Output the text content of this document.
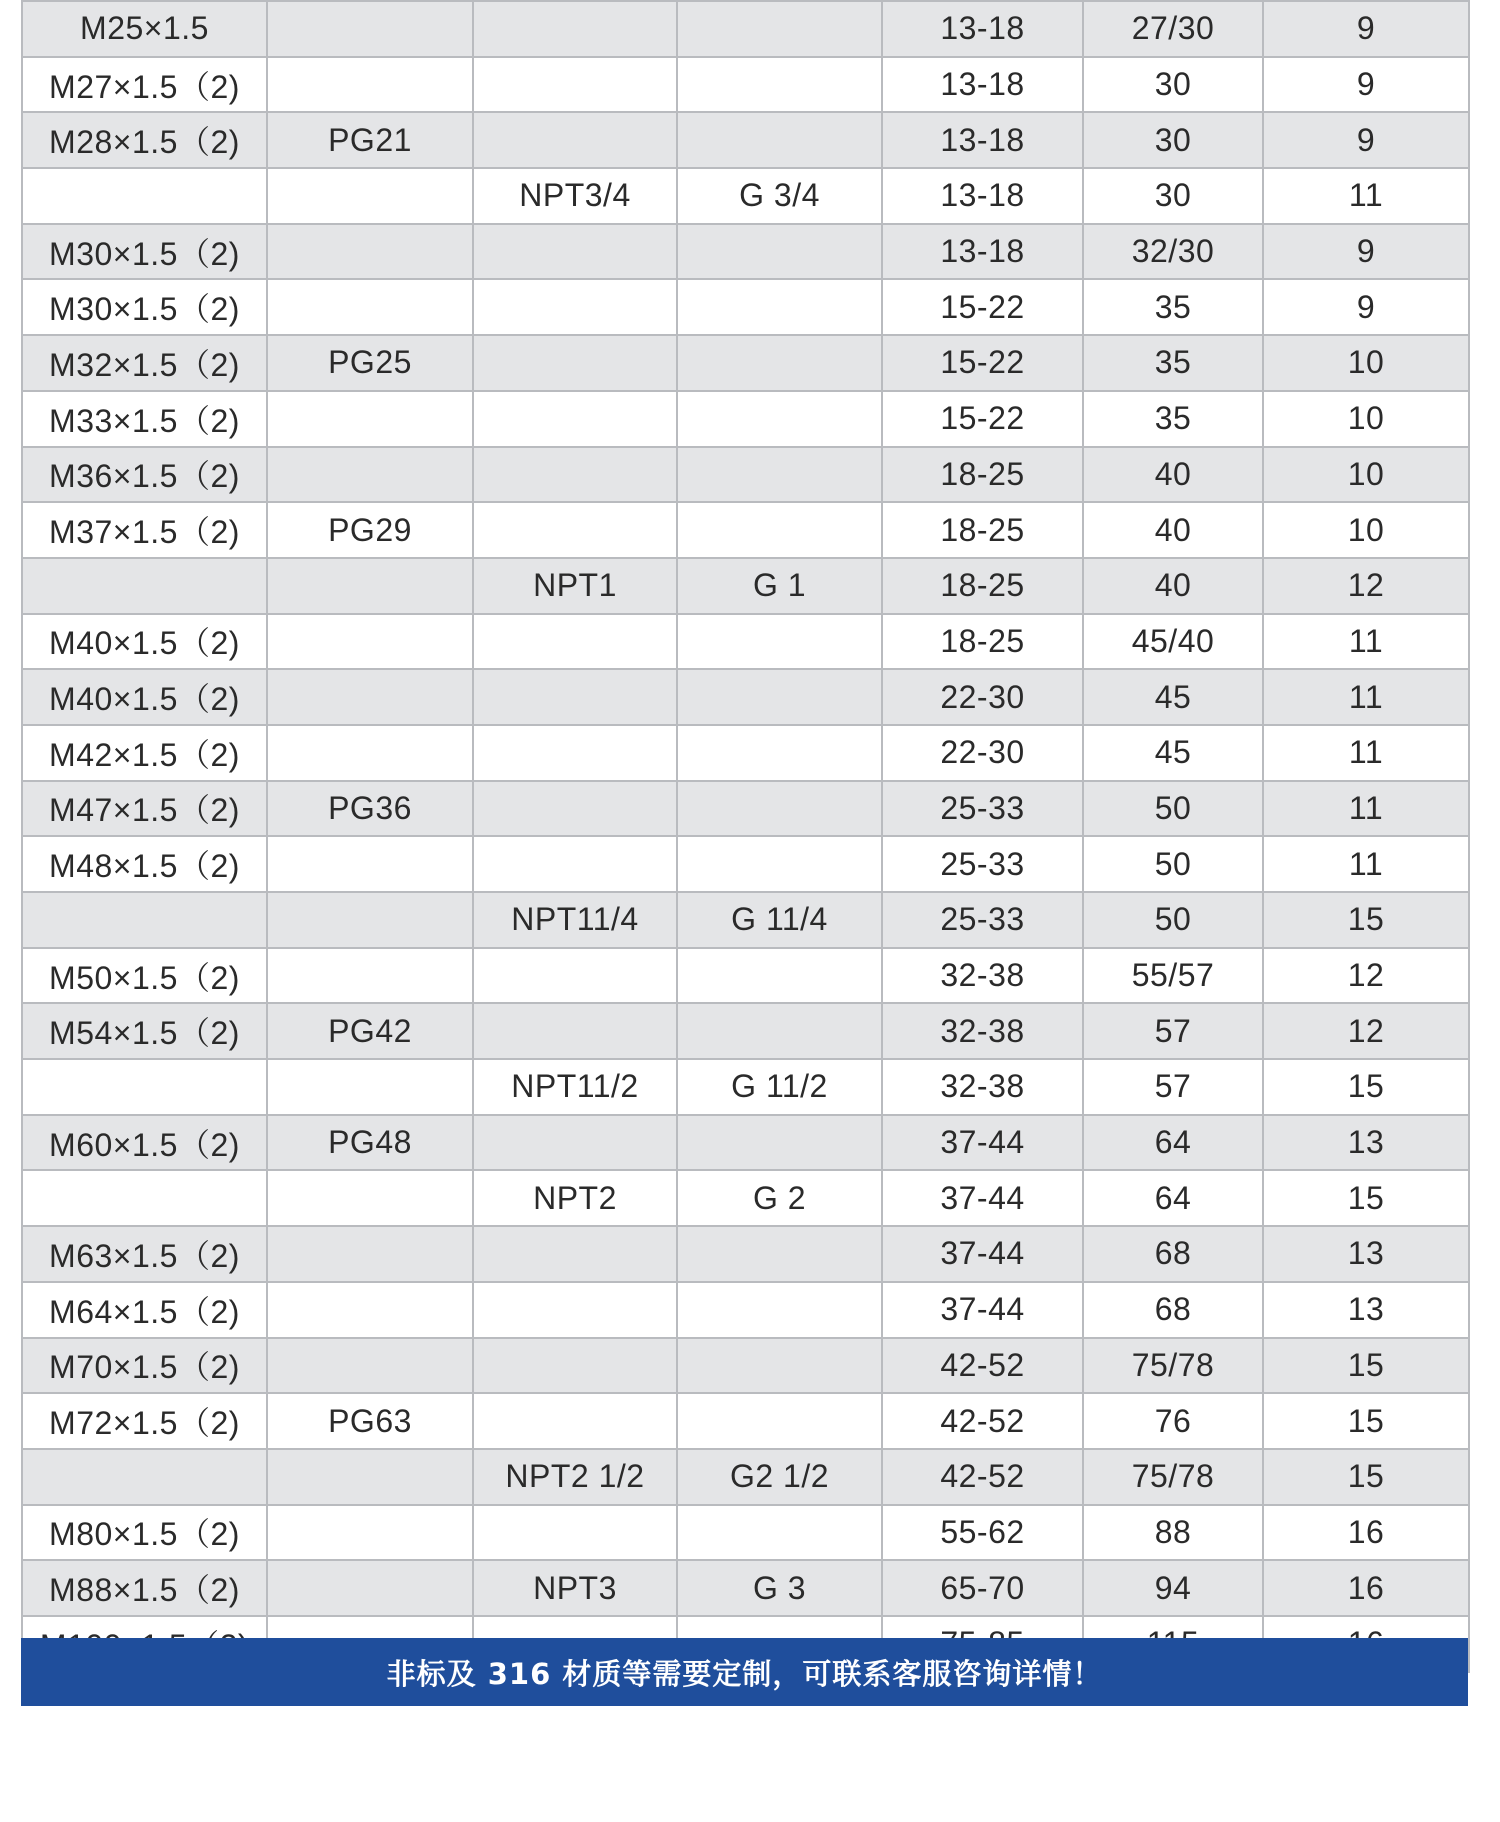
M25×1.5				13-18	27/30	9
M27×1.5（2)				13-18	30	9
M28×1.5（2)	PG21			13-18	30	9
		NPT3/4	G 3/4	13-18	30	11
M30×1.5（2)				13-18	32/30	9
M30×1.5（2)				15-22	35	9
M32×1.5（2)	PG25			15-22	35	10
M33×1.5（2)				15-22	35	10
M36×1.5（2)				18-25	40	10
M37×1.5（2)	PG29			18-25	40	10
		NPT1	G 1	18-25	40	12
M40×1.5（2)				18-25	45/40	11
M40×1.5（2)				22-30	45	11
M42×1.5（2)				22-30	45	11
M47×1.5（2)	PG36			25-33	50	11
M48×1.5（2)				25-33	50	11
		NPT11/4	G 11/4	25-33	50	15
M50×1.5（2)				32-38	55/57	12
M54×1.5（2)	PG42			32-38	57	12
		NPT11/2	G 11/2	32-38	57	15
M60×1.5（2)	PG48			37-44	64	13
		NPT2	G 2	37-44	64	15
M63×1.5（2)				37-44	68	13
M64×1.5（2)				37-44	68	13
M70×1.5（2)				42-52	75/78	15
M72×1.5（2)	PG63			42-52	76	15
		NPT2 1/2	G2 1/2	42-52	75/78	15
M80×1.5（2)				55-62	88	16
M88×1.5（2)		NPT3	G 3	65-70	94	16

非标及 316 材质等需要定制，可联系客服咨询详情！
